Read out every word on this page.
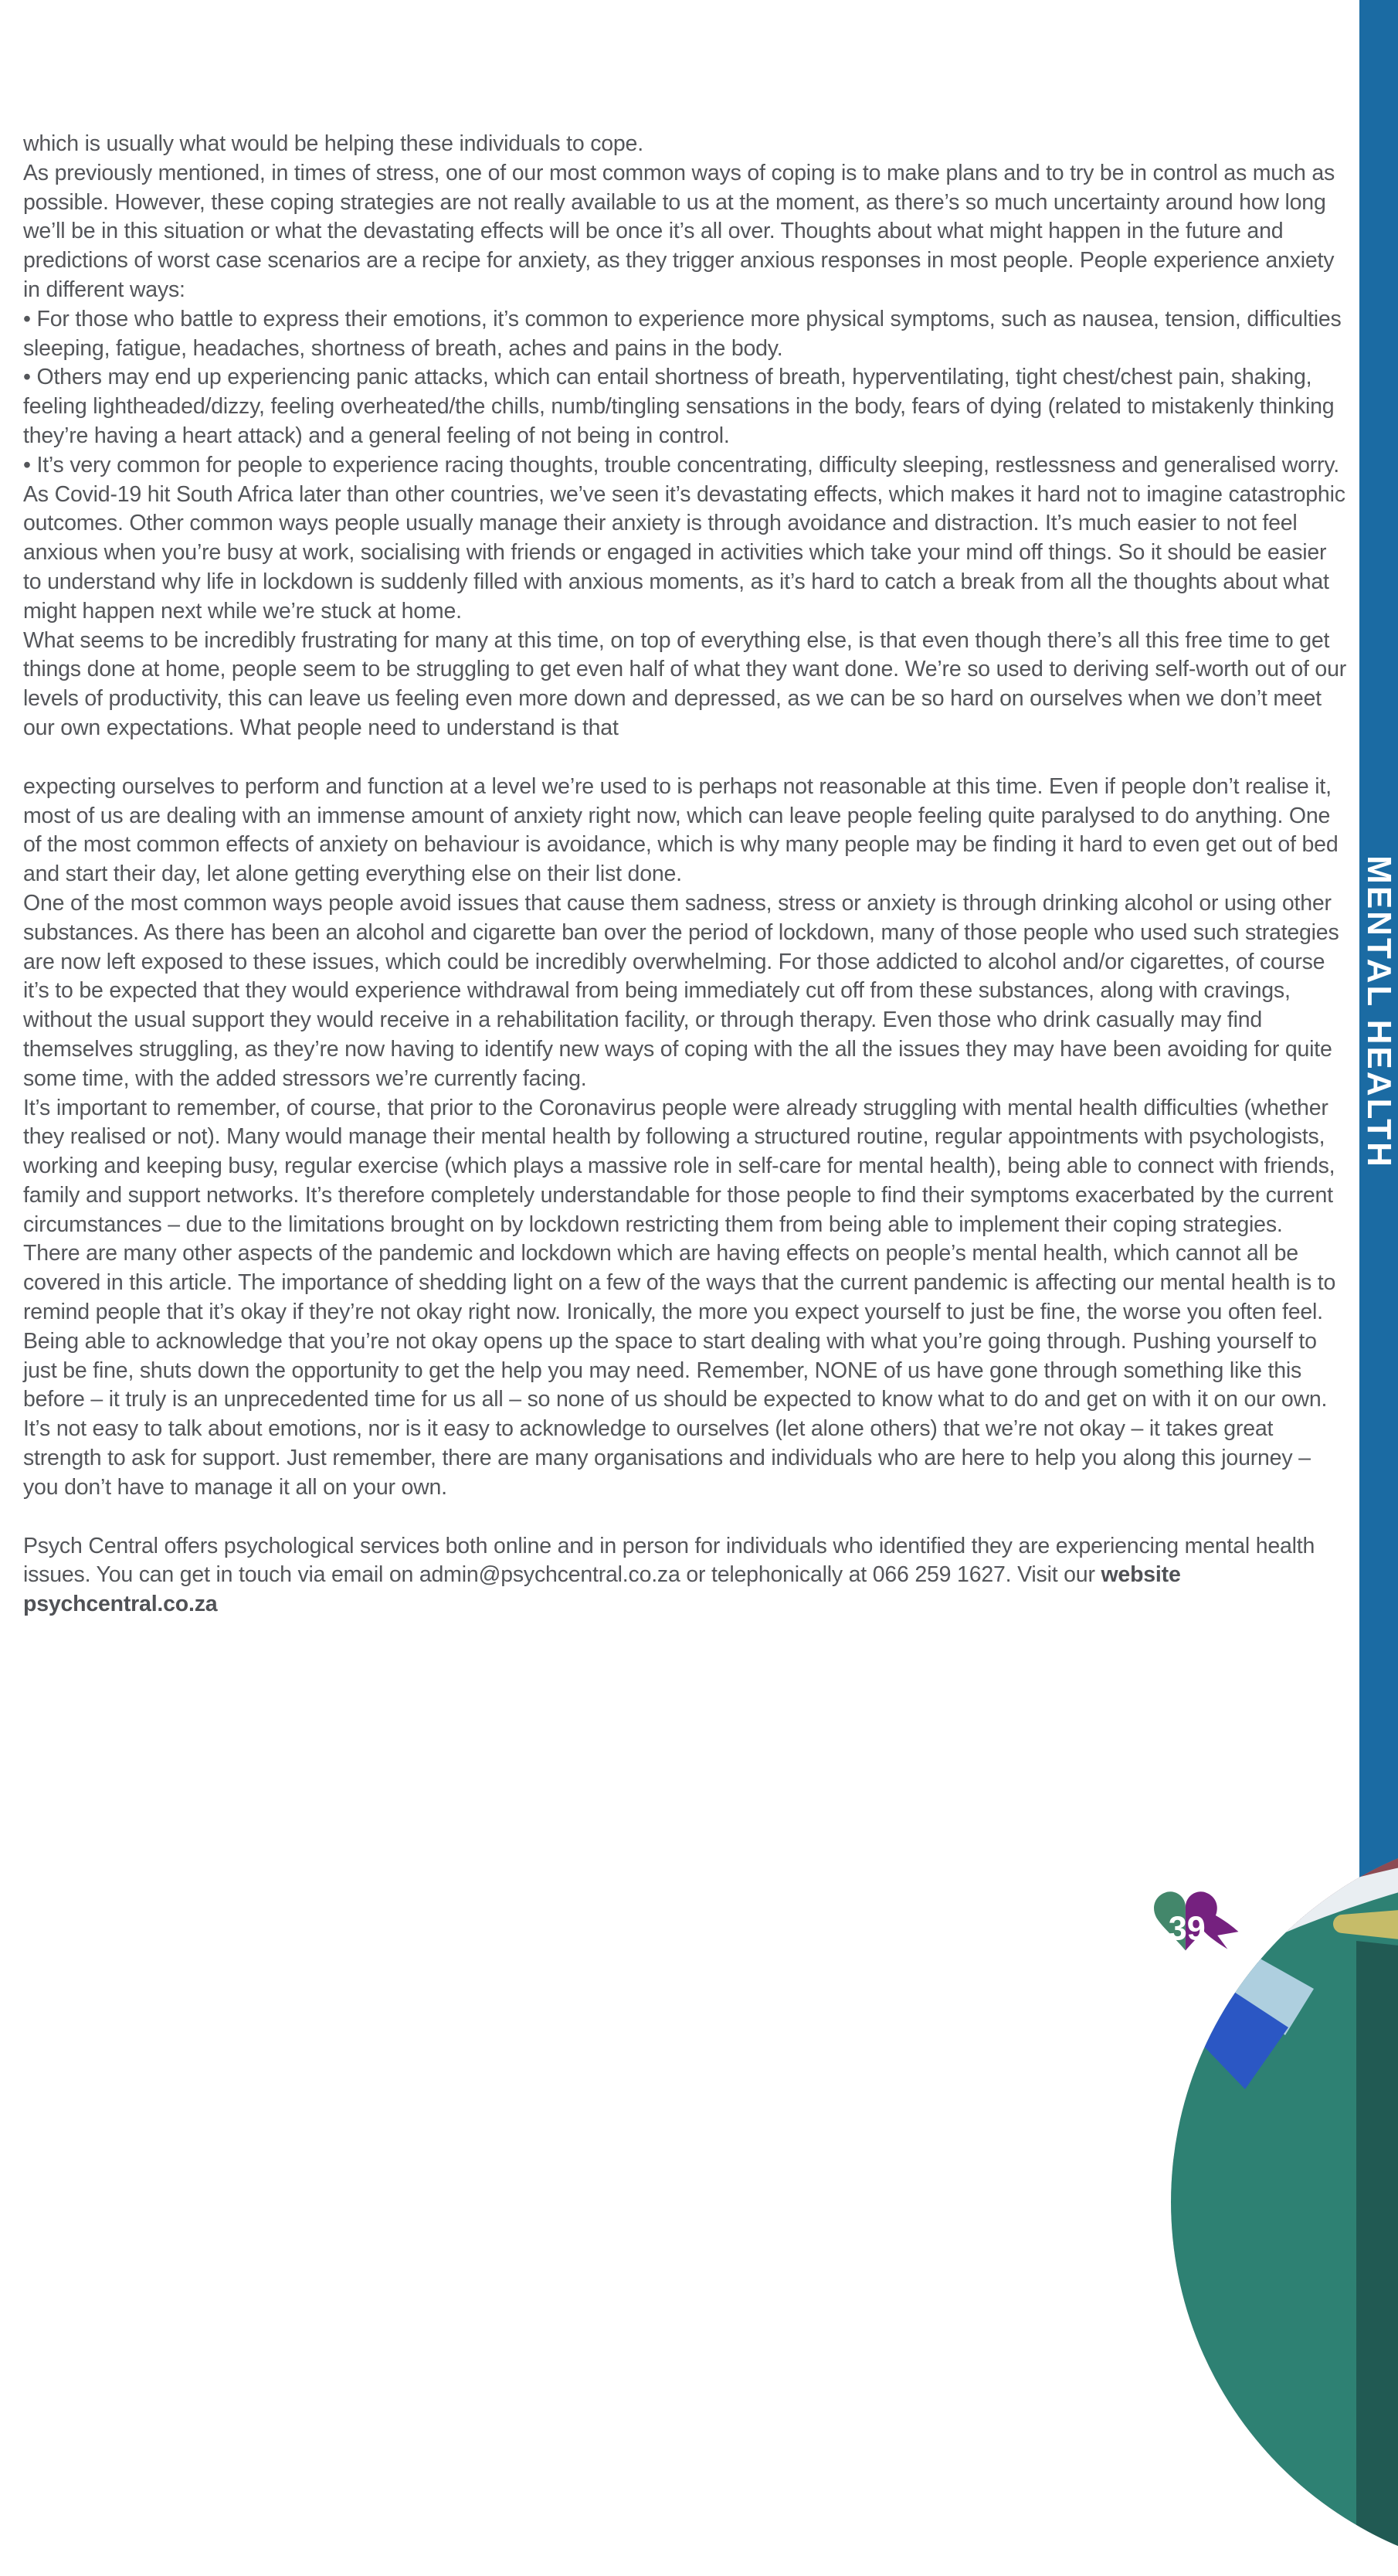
which is usually what would be helping these individuals to cope.

As previously mentioned, in times of stress, one of our most common ways of coping is to make plans and to try be in control as much as possible. However, these coping strategies are not really available to us at the moment, as there’s so much uncertainty around how long we’ll be in this situation or what the devastating effects will be once it’s all over. Thoughts about what might happen in the future and predictions of worst case scenarios are a recipe for anxiety, as they trigger anxious responses in most people. People experience anxiety in different ways:

• For those who battle to express their emotions, it’s common to experience more physical symptoms, such as nausea, tension, difficulties sleeping, fatigue, headaches, shortness of breath, aches and pains in the body.

• Others may end up experiencing panic attacks, which can entail shortness of breath, hyperventilating, tight chest/chest pain, shaking, feeling lightheaded/dizzy, feeling overheated/the chills, numb/tingling sensations in the body, fears of dying (related to mistakenly thinking they’re having a heart attack) and a general feeling of not being in control.

• It’s very common for people to experience racing thoughts, trouble concentrating, difficulty sleeping, restlessness and generalised worry.

As Covid-19 hit South Africa later than other countries, we’ve seen it’s devastating effects, which makes it hard not to imagine catastrophic outcomes. Other common ways people usually manage their anxiety is through avoidance and distraction. It’s much easier to not feel anxious when you’re busy at work, socialising with friends or engaged in activities which take your mind off things. So it should be easier to understand why life in lockdown is suddenly filled with anxious moments, as it’s hard to catch a break from all the thoughts about what might happen next while we’re stuck at home.

What seems to be incredibly frustrating for many at this time, on top of everything else, is that even though there’s all this free time to get things done at home, people seem to be struggling to get even half of what they want done. We’re so used to deriving self-worth out of our levels of productivity, this can leave us feeling even more down and depressed, as we can be so hard on ourselves when we don’t meet our own expectations. What people need to understand is that

expecting ourselves to perform and function at a level we’re used to is perhaps not reasonable at this time. Even if people don’t realise it, most of us are dealing with an immense amount of anxiety right now, which can leave people feeling quite paralysed to do anything. One of the most common effects of anxiety on behaviour is avoidance, which is why many people may be finding it hard to even get out of bed and start their day, let alone getting everything else on their list done.

One of the most common ways people avoid issues that cause them sadness, stress or anxiety is through drinking alcohol or using other substances. As there has been an alcohol and cigarette ban over the period of lockdown, many of those people who used such strategies are now left exposed to these issues, which could be incredibly overwhelming. For those addicted to alcohol and/or cigarettes, of course it’s to be expected that they would experience withdrawal from being immediately cut off from these substances, along with cravings, without the usual support they would receive in a rehabilitation facility, or through therapy. Even those who drink casually may find themselves struggling, as they’re now having to identify new ways of coping with the all the issues they may have been avoiding for quite some time, with the added stressors we’re currently facing.

It’s important to remember, of course, that prior to the Coronavirus people were already struggling with mental health difficulties (whether they realised or not). Many would manage their mental health by following a structured routine, regular appointments with psychologists, working and keeping busy, regular exercise (which plays a massive role in self-care for mental health), being able to connect with friends, family and support networks. It’s therefore completely understandable for those people to find their symptoms exacerbated by the current circumstances – due to the limitations brought on by lockdown restricting them from being able to implement their coping strategies.

There are many other aspects of the pandemic and lockdown which are having effects on people’s mental health, which cannot all be covered in this article. The importance of shedding light on a few of the ways that the current pandemic is affecting our mental health is to remind people that it’s okay if they’re not okay right now. Ironically, the more you expect yourself to just be fine, the worse you often feel. Being able to acknowledge that you’re not okay opens up the space to start dealing with what you’re going through. Pushing yourself to just be fine, shuts down the opportunity to get the help you may need. Remember, NONE of us have gone through something like this before – it truly is an unprecedented time for us all – so none of us should be expected to know what to do and get on with it on our own. It’s not easy to talk about emotions, nor is it easy to acknowledge to ourselves (let alone others) that we’re not okay – it takes great strength to ask for support. Just remember, there are many organisations and individuals who are here to help you along this journey – you don’t have to manage it all on your own.

Psych Central offers psychological services both online and in person for individuals who identified they are experiencing mental health issues. You can get in touch via email on admin@psychcentral.co.za or telephonically at 066 259 1627. Visit our website psychcentral.co.za

MENTAL HEALTH
39
